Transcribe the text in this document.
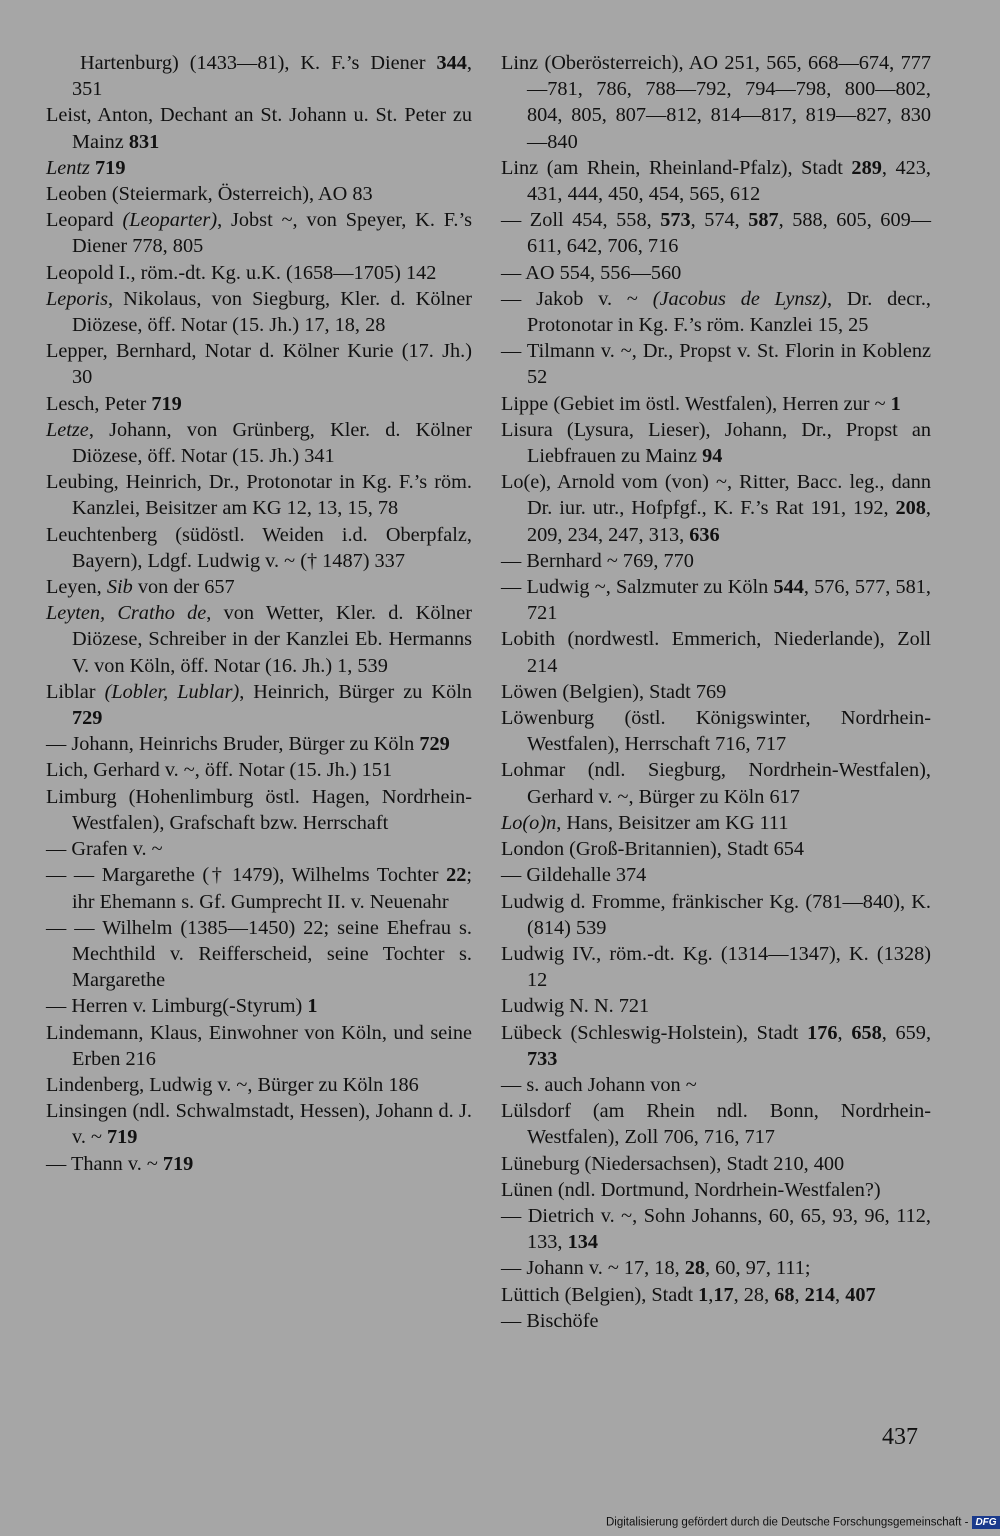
Hartenburg) (1433—81), K. F.’s Diener 344, 351
Leist, Anton, Dechant an St. Johann u. St. Peter zu Mainz 831
Lentz 719
Leoben (Steiermark, Österreich), AO 83
Leopard (Leoparter), Jobst ~, von Speyer, K. F.’s Diener 778, 805
Leopold I., röm.-dt. Kg. u.K. (1658—1705) 142
Leporis, Nikolaus, von Siegburg, Kler. d. Kölner Diözese, öff. Notar (15. Jh.) 17, 18, 28
Lepper, Bernhard, Notar d. Kölner Kurie (17. Jh.) 30
Lesch, Peter 719
Letze, Johann, von Grünberg, Kler. d. Kölner Diözese, öff. Notar (15. Jh.) 341
Leubing, Heinrich, Dr., Protonotar in Kg. F.’s röm. Kanzlei, Beisitzer am KG 12, 13, 15, 78
Leuchtenberg (südöstl. Weiden i.d. Oberpfalz, Bayern), Ldgf. Ludwig v. ~ († 1487) 337
Leyen, Sib von der 657
Leyten, Cratho de, von Wetter, Kler. d. Kölner Diözese, Schreiber in der Kanzlei Eb. Hermanns V. von Köln, öff. Notar (16. Jh.) 1, 539
Liblar (Lobler, Lublar), Heinrich, Bürger zu Köln 729
— Johann, Heinrichs Bruder, Bürger zu Köln 729
Lich, Gerhard v. ~, öff. Notar (15. Jh.) 151
Limburg (Hohenlimburg östl. Hagen, Nordrhein-Westfalen), Grafschaft bzw. Herrschaft
— Grafen v. ~
— — Margarethe († 1479), Wilhelms Tochter 22; ihr Ehemann s. Gf. Gumprecht II. v. Neuenahr
— — Wilhelm (1385—1450) 22; seine Ehefrau s. Mechthild v. Reifferscheid, seine Tochter s. Margarethe
— Herren v. Limburg(-Styrum) 1
Lindemann, Klaus, Einwohner von Köln, und seine Erben 216
Lindenberg, Ludwig v. ~, Bürger zu Köln 186
Linsingen (ndl. Schwalmstadt, Hessen), Johann d. J. v. ~ 719
— Thann v. ~ 719
Linz (Oberösterreich), AO 251, 565, 668—674, 777—781, 786, 788—792, 794—798, 800—802, 804, 805, 807—812, 814—817, 819—827, 830—840
Linz (am Rhein, Rheinland-Pfalz), Stadt 289, 423, 431, 444, 450, 454, 565, 612
— Zoll 454, 558, 573, 574, 587, 588, 605, 609—611, 642, 706, 716
— AO 554, 556—560
— Jakob v. ~ (Jacobus de Lynsz), Dr. decr., Protonotar in Kg. F.’s röm. Kanzlei 15, 25
— Tilmann v. ~, Dr., Propst v. St. Florin in Koblenz 52
Lippe (Gebiet im östl. Westfalen), Herren zur ~ 1
Lisura (Lysura, Lieser), Johann, Dr., Propst an Liebfrauen zu Mainz 94
Lo(e), Arnold vom (von) ~, Ritter, Bacc. leg., dann Dr. iur. utr., Hofpfgf., K. F.’s Rat 191, 192, 208, 209, 234, 247, 313, 636
— Bernhard ~ 769, 770
— Ludwig ~, Salzmuter zu Köln 544, 576, 577, 581, 721
Lobith (nordwestl. Emmerich, Niederlande), Zoll 214
Löwen (Belgien), Stadt 769
Löwenburg (östl. Königswinter, Nordrhein-Westfalen), Herrschaft 716, 717
Lohmar (ndl. Siegburg, Nordrhein-Westfalen), Gerhard v. ~, Bürger zu Köln 617
Lo(o)n, Hans, Beisitzer am KG 111
London (Groß-Britannien), Stadt 654
— Gildehalle 374
Ludwig d. Fromme, fränkischer Kg. (781—840), K. (814) 539
Ludwig IV., röm.-dt. Kg. (1314—1347), K. (1328) 12
Ludwig N. N. 721
Lübeck (Schleswig-Holstein), Stadt 176, 658, 659, 733
— s. auch Johann von ~
Lülsdorf (am Rhein ndl. Bonn, Nordrhein-Westfalen), Zoll 706, 716, 717
Lüneburg (Niedersachsen), Stadt 210, 400
Lünen (ndl. Dortmund, Nordrhein-Westfalen?)
— Dietrich v. ~, Sohn Johanns, 60, 65, 93, 96, 112, 133, 134
— Johann v. ~ 17, 18, 28, 60, 97, 111;
Lüttich (Belgien), Stadt 1,17, 28, 68, 214, 407
— Bischöfe
437
Digitalisierung gefördert durch die Deutsche Forschungsgemeinschaft - DFG
